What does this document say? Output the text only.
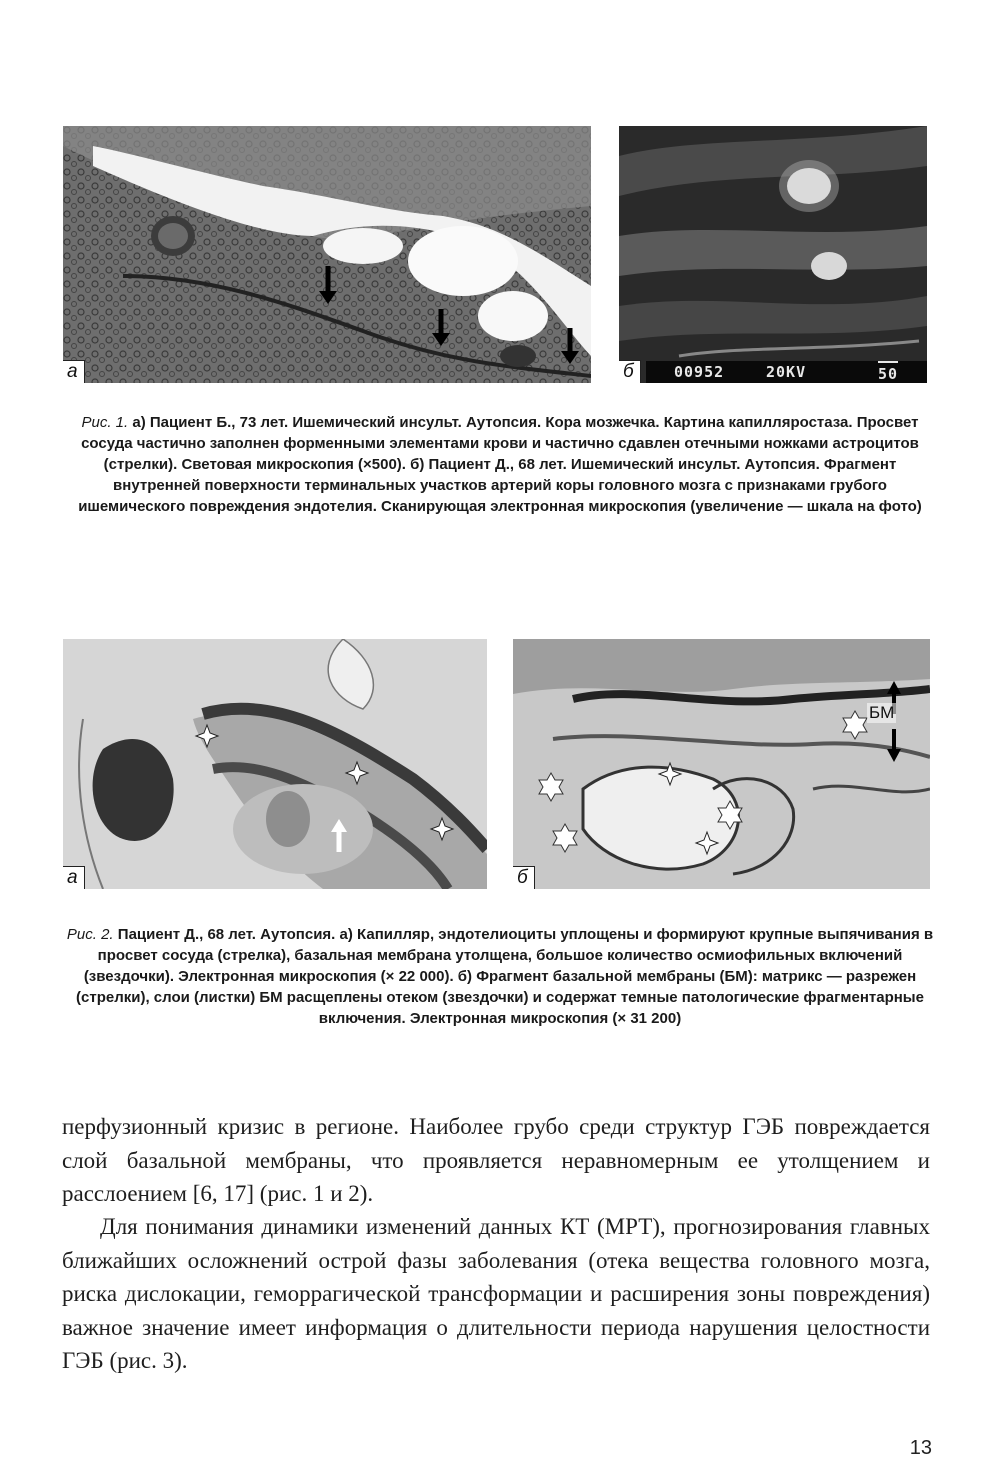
а	б	00952	20KV	50

Рис. 1. а) Пациент Б., 73 лет. Ишемический инсульт. Аутопсия. Кора мозжечка. Картина капилляростаза. Просвет сосуда частично заполнен форменными элементами крови и частично сдавлен отечными ножками астроцитов (стрелки). Световая микроскопия (×500). б) Пациент Д., 68 лет. Ишемический инсульт. Аутопсия. Фрагмент внутренней поверхности терминальных участков артерий коры головного мозга с признаками грубого ишемического повреждения эндотелия. Сканирующая электронная микроскопия (увеличение — шкала на фото)

а
БМ
б

Рис. 2. Пациент Д., 68 лет. Аутопсия. а) Капилляр, эндотелиоциты уплощены и формируют крупные выпячивания в просвет сосуда (стрелка), базальная мембрана утолщена, большое количество осмиофильных включений (звездочки). Электронная микроскопия (× 22 000). б) Фрагмент базальной мембраны (БМ): матрикс — разрежен (стрелки), слои (листки) БМ расщеплены отеком (звездочки) и содержат темные патологические фрагментарные включения. Электронная микроскопия (× 31 200)

перфузионный кризис в регионе. Наиболее грубо среди структур ГЭБ повреждается слой базальной мембраны, что проявляется неравномерным ее утолщением и расслоением [6, 17] (рис. 1 и 2).

Для понимания динамики изменений данных КТ (МРТ), прогнозирования главных ближайших осложнений острой фазы заболевания (отека вещества головного мозга, риска дислокации, геморрагической трансформации и расширения зоны повреждения) важное значение имеет информация о длительности периода нарушения целостности ГЭБ (рис. 3).

13
